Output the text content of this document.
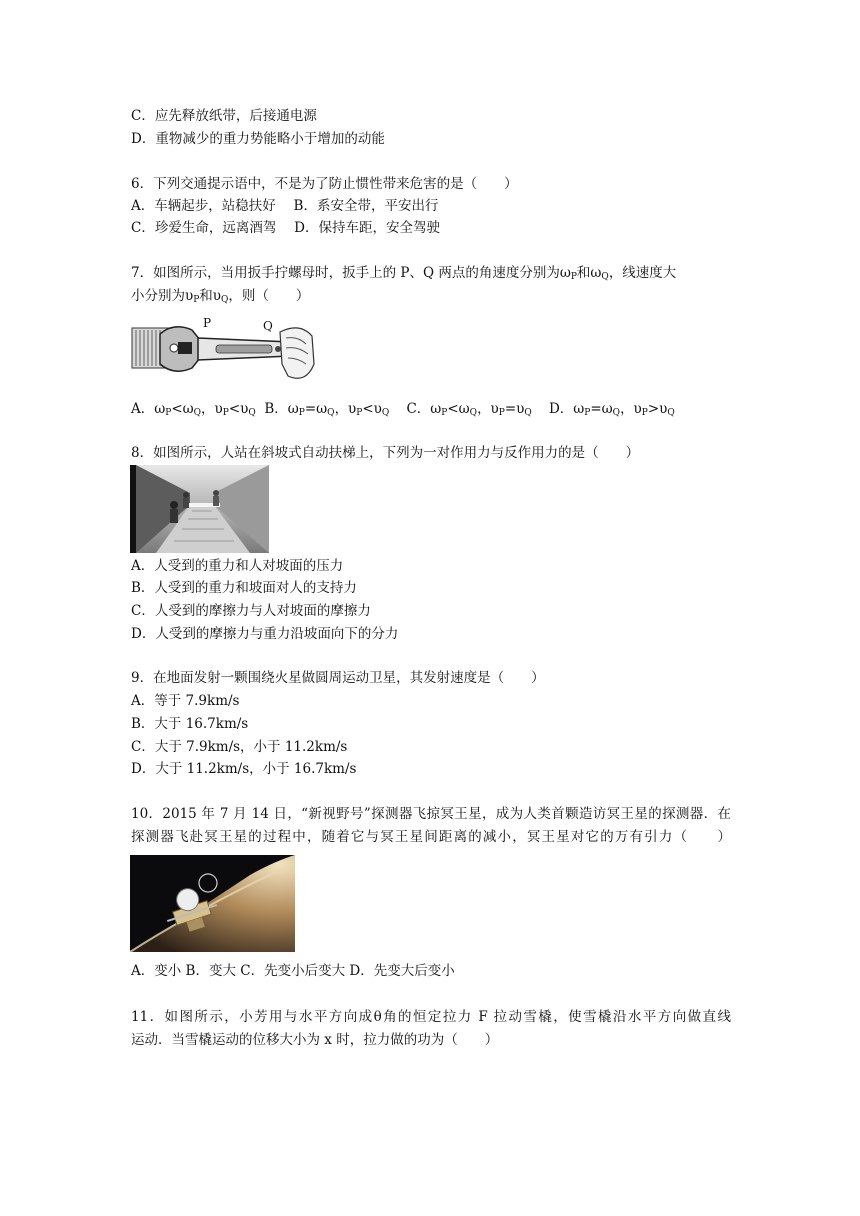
C．应先释放纸带，后接通电源
D．重物减少的重力势能略小于增加的动能
6．下列交通提示语中，不是为了防止惯性带来危害的是（　　）
A．车辆起步，站稳扶好　 B．系安全带，平安出行
C．珍爱生命，远离酒驾　 D．保持车距，安全驾驶
7．如图所示，当用扳手拧螺母时，扳手上的 P、Q 两点的角速度分别为$\omega_P$和$\omega_Q$，线速度大
小分别为$\upsilon_P$和$\upsilon_Q$，则（　　）
P	Q
A．$\omega_P<\omega_Q$，$\upsilon_P<\upsilon_Q$ B．$\omega_P=\omega_Q$，$\upsilon_P<\upsilon_Q$ C．$\omega_P<\omega_Q$，$\upsilon_P=\upsilon_Q$ D．$\omega_P=\omega_Q$，$\upsilon_P>\upsilon_Q$
8．如图所示，人站在斜坡式自动扶梯上，下列为一对作用力与反作用力的是（　　）
A．人受到的重力和人对坡面的压力
B．人受到的重力和坡面对人的支持力
C．人受到的摩擦力与人对坡面的摩擦力
D．人受到的摩擦力与重力沿坡面向下的分力
9．在地面发射一颗围绕火星做圆周运动卫星，其发射速度是（　　）
A．等于 7.9km/s
B．大于 16.7km/s
C．大于 7.9km/s，小于 11.2km/s
D．大于 11.2km/s，小于 16.7km/s
10．2015 年 7 月 14 日，“新视野号”探测器飞掠冥王星，成为人类首颗造访冥王星的探测器．在
探测器飞赴冥王星的过程中，随着它与冥王星间距离的减小，冥王星对它的万有引力（　　）
A．变小 B．变大 C．先变小后变大 D．先变大后变小
11．如图所示，小芳用与水平方向成θ角的恒定拉力 F 拉动雪橇，使雪橇沿水平方向做直线
运动．当雪橇运动的位移大小为 x 时，拉力做的功为（　　）
